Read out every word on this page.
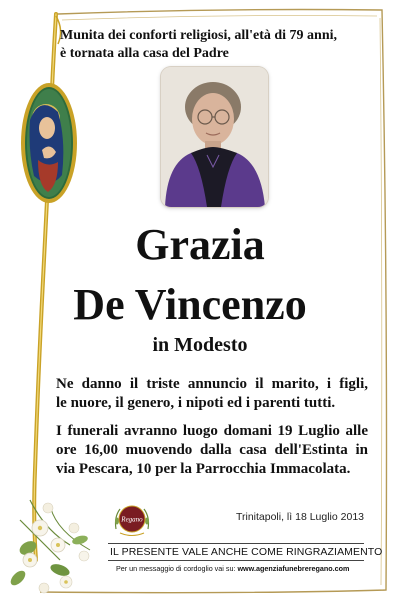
Munita dei conforti religiosi, all'età di 79 anni,
è tornata alla casa del Padre
Grazia
De Vincenzo
in Modesto
Ne danno il triste annuncio il marito, i figli,
le nuore, il genero, i nipoti ed i parenti tutti.
I funerali avranno luogo domani 19 Luglio alle
ore 16,00 muovendo dalla casa dell'Estinta in
via Pescara, 10 per la Parrocchia Immacolata.
Regano	Trinitapoli, lì 18 Luglio 2013
IL PRESENTE VALE ANCHE COME RINGRAZIAMENTO
Per un messaggio di cordoglio vai su: www.agenziafunebreregano.com
